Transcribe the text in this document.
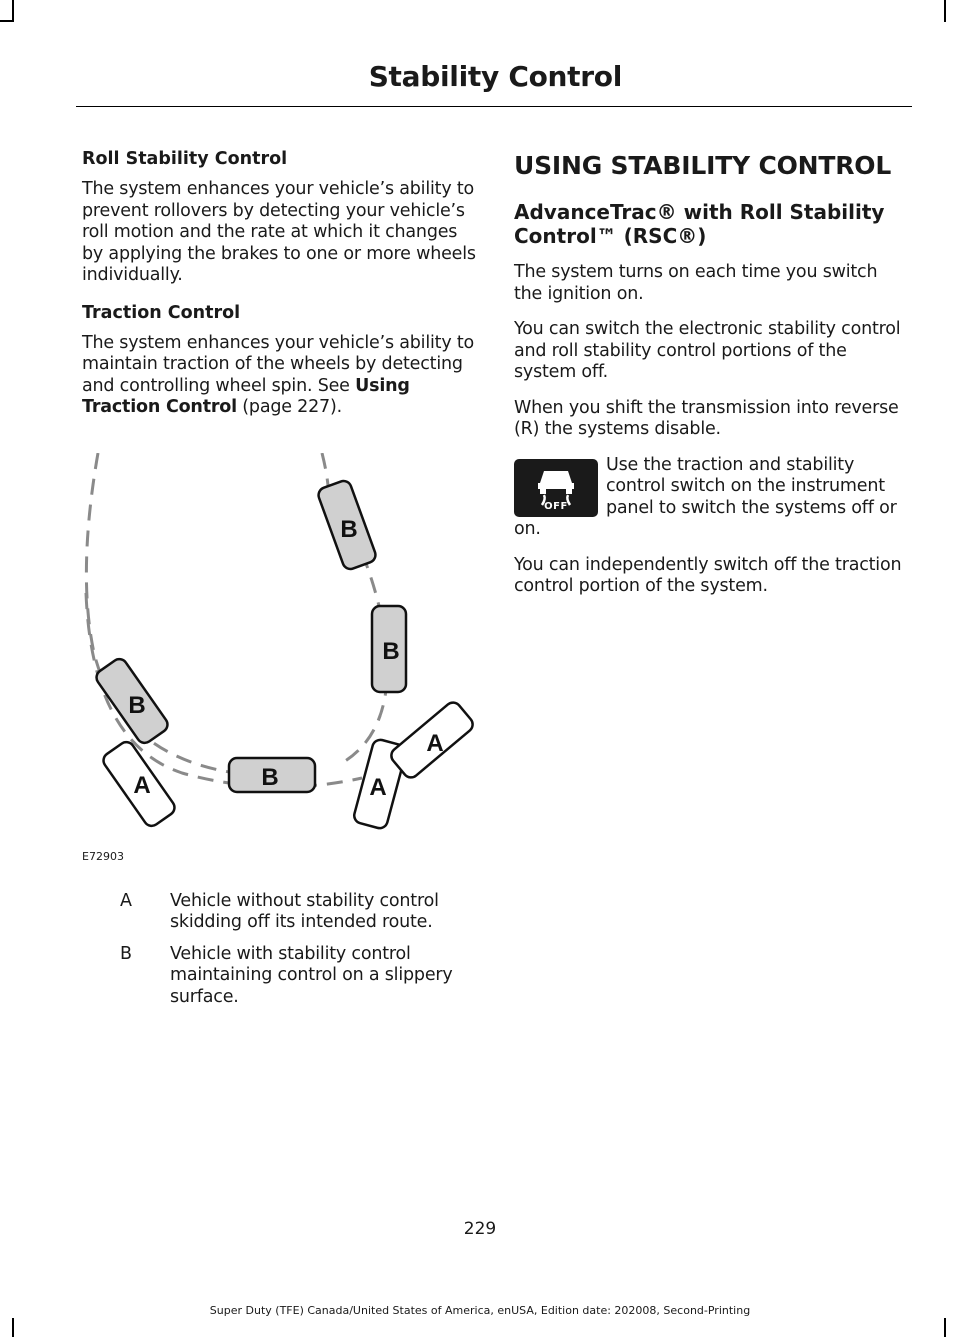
Stability Control
Roll Stability Control

The system enhances your vehicle’s ability to prevent rollovers by detecting your vehicle’s roll motion and the rate at which it changes by applying the brakes to one or more wheels individually.

Traction Control

The system enhances your vehicle’s ability to maintain traction of the wheels by detecting and controlling wheel spin. See Using Traction Control (page 227).

B
B
B
B
A	A
A
E72903
A	Vehicle without stability control skidding off its intended route.
B	Vehicle with stability control maintaining control on a slippery surface.
USING STABILITY CONTROL
AdvanceTrac® with Roll Stability Control™ (RSC®)

The system turns on each time you switch the ignition on.

You can switch the electronic stability control and roll stability control portions of the system off.

When you shift the transmission into reverse (R) the systems disable.

OFF

Use the traction and stability control switch on the instrument panel to switch the systems off or on.

You can independently switch off the traction control portion of the system.

229
Super Duty (TFE) Canada/United States of America, enUSA, Edition date: 202008, Second-Printing
